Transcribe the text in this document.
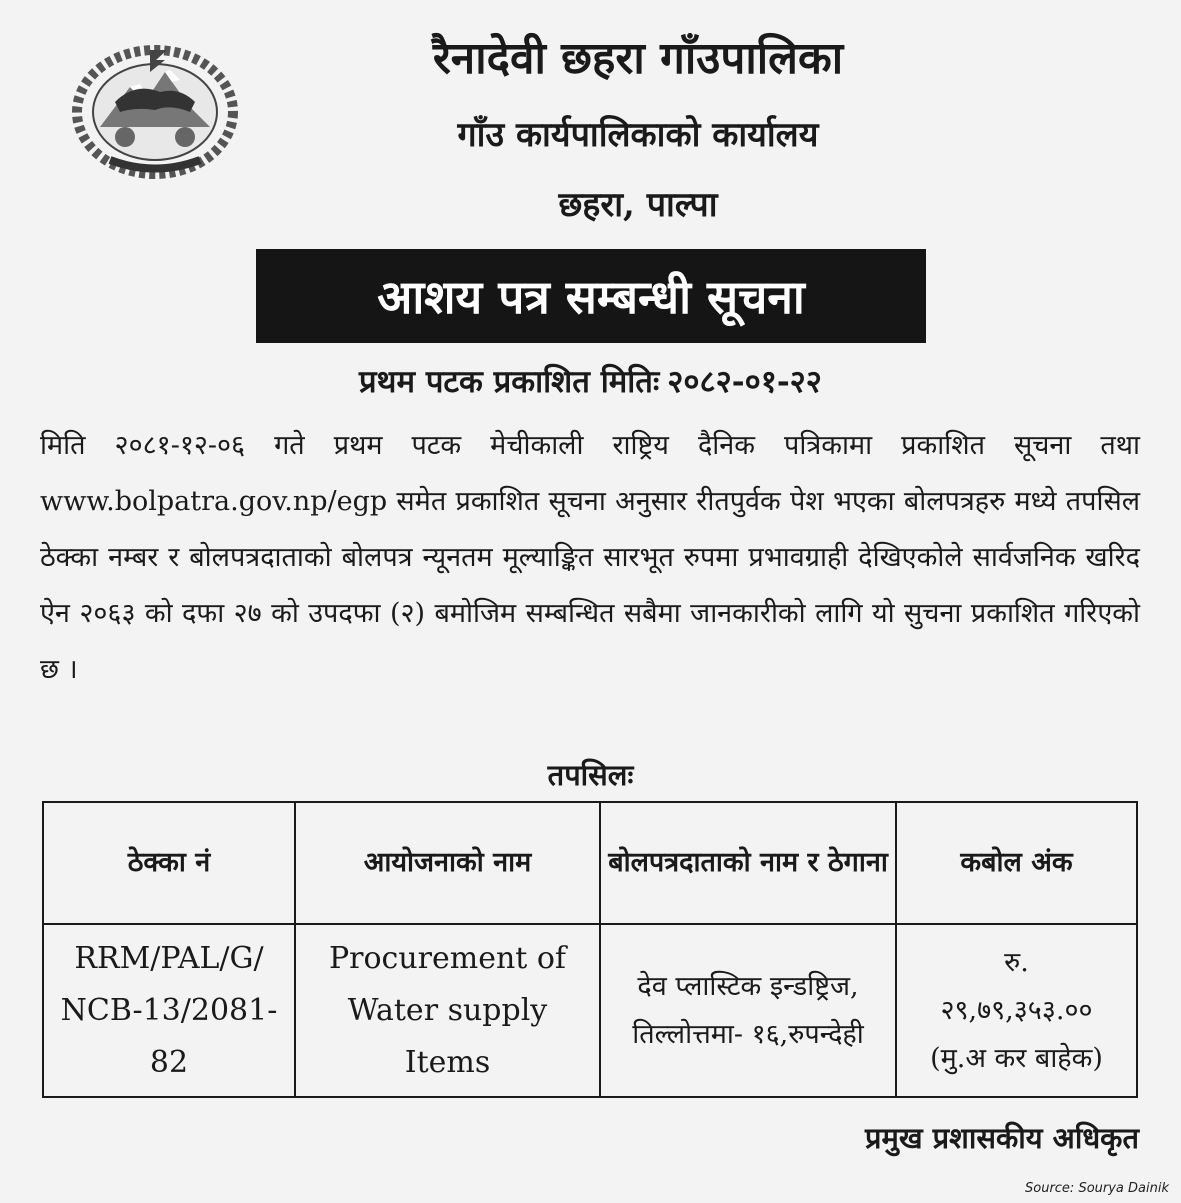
रैनादेवी छहरा गाँउपालिका
गाँउ कार्यपालिकाको कार्यालय
छहरा, पाल्पा
आशय पत्र सम्बन्धी सूचना
प्रथम पटक प्रकाशित मितिः २०८२-०१-२२
मिति २०८१-१२-०६ गते प्रथम पटक मेचीकाली राष्ट्रिय दैनिक पत्रिकामा प्रकाशित सूचना तथा www.bolpatra.gov.np/egp समेत प्रकाशित सूचना अनुसार रीतपुर्वक पेश भएका बोलपत्रहरु मध्ये तपसिल ठेक्का नम्बर र बोलपत्रदाताको बोलपत्र न्यूनतम मूल्याङ्कित सारभूत रुपमा प्रभावग्राही देखिएकोले सार्वजनिक खरिद ऐन २०६३ को दफा २७ को उपदफा (२) बमोजिम सम्बन्धित सबैमा जानकारीको लागि यो सुचना प्रकाशित गरिएको छ ।
तपसिलः
ठेक्का नं	आयोजनाको नाम	बोलपत्रदाताको नाम र ठेगाना	कबोल अंक
RRM/PAL/G/ NCB-13/2081-82	Procurement of Water supply Items	देव प्लास्टिक इन्डष्ट्रिज, तिल्लोत्तमा- १६,रुपन्देही	रु.
२९,७९,३५३.००
(मु.अ कर बाहेक)
प्रमुख प्रशासकीय अधिकृत
Source: Sourya Dainik
